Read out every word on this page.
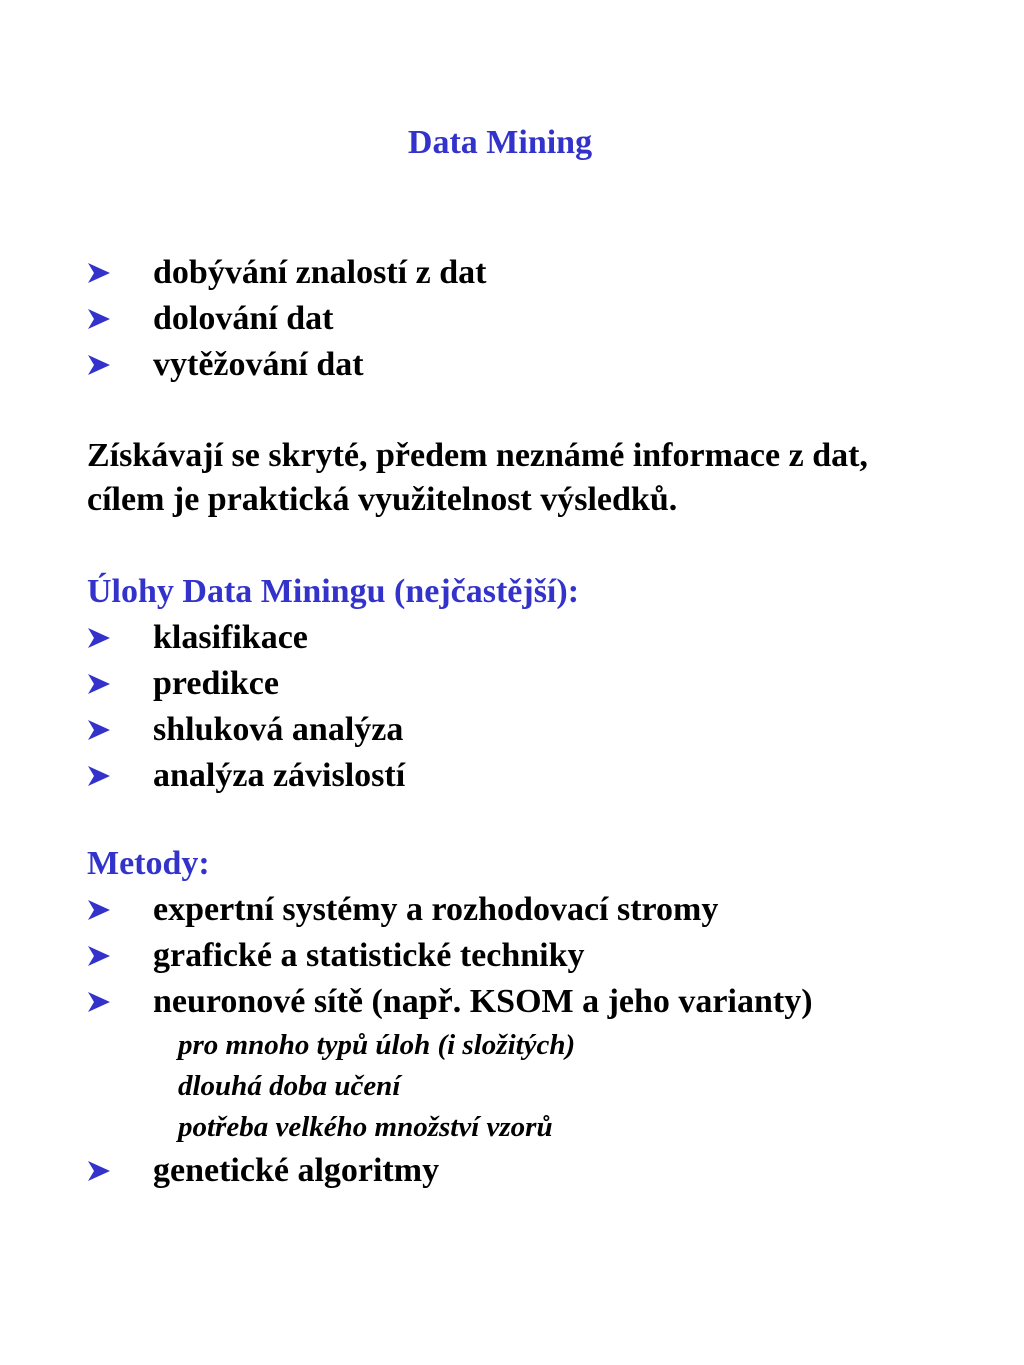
Data Mining
dobývání znalostí z dat
dolování dat
vytěžování dat
Získávají se skryté, předem neznámé informace z dat,
cílem je praktická využitelnost výsledků.
Úlohy Data Miningu (nejčastější):
klasifikace
predikce
shluková analýza
analýza závislostí
Metody:
expertní systémy a rozhodovací stromy
grafické a statistické techniky
neuronové sítě (např. KSOM a jeho varianty)
pro mnoho typů úloh (i složitých)
dlouhá doba učení
potřeba velkého množství vzorů
genetické algoritmy
